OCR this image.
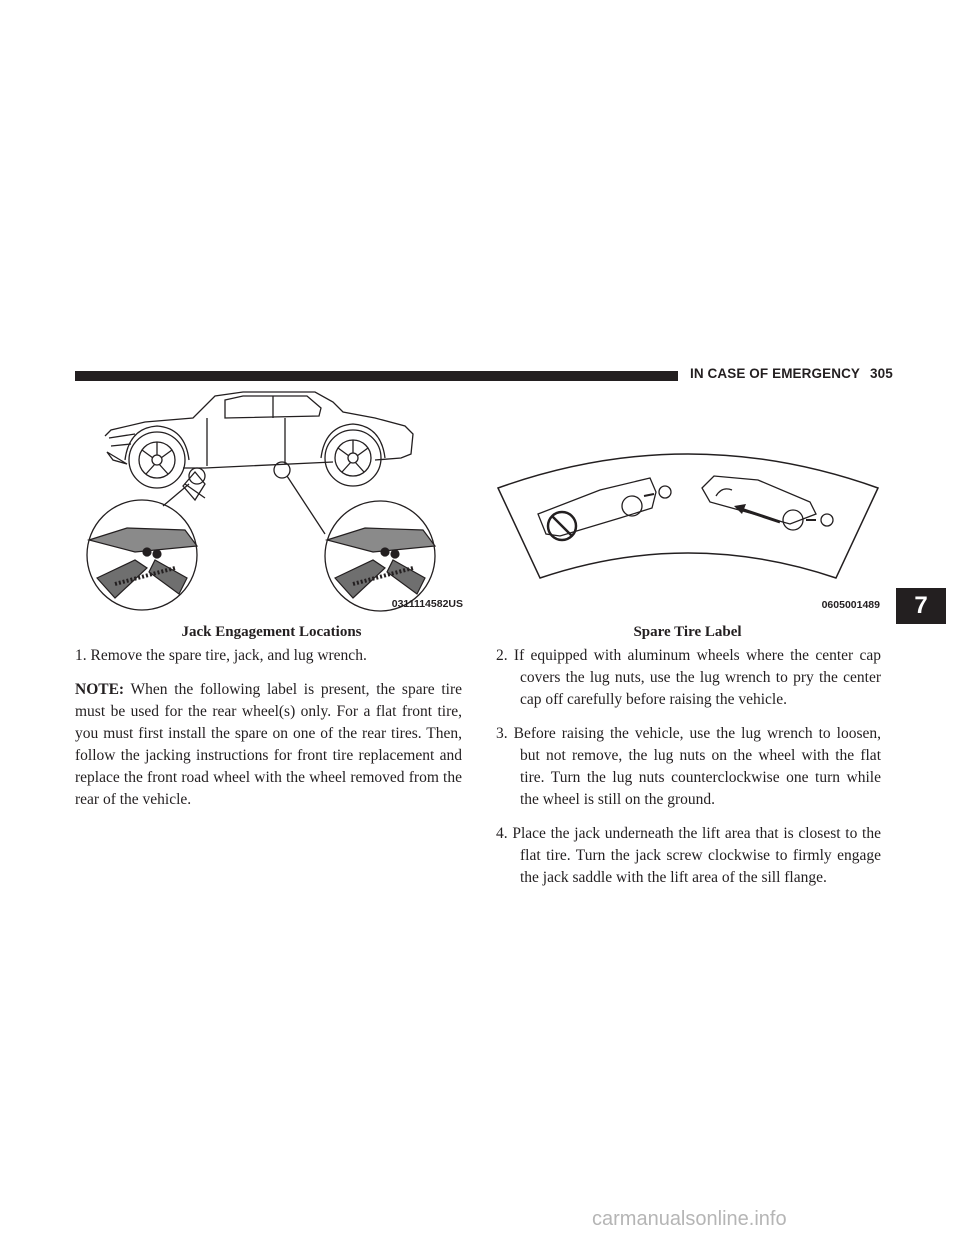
IN CASE OF EMERGENCY 305
0311114582US
Jack Engagement Locations
0605001489
Spare Tire Label

1. Remove the spare tire, jack, and lug wrench.

NOTE: When the following label is present, the spare tire must be used for the rear wheel(s) only. For a flat front tire, you must first install the spare on one of the rear tires. Then, follow the jacking instructions for front tire replacement and replace the front road wheel with the wheel removed from the rear of the vehicle.

2. If equipped with aluminum wheels where the center cap covers the lug nuts, use the lug wrench to pry the center cap off carefully before raising the vehicle.

3. Before raising the vehicle, use the lug wrench to loosen, but not remove, the lug nuts on the wheel with the flat tire. Turn the lug nuts counterclockwise one turn while the wheel is still on the ground.

4. Place the jack underneath the lift area that is closest to the flat tire. Turn the jack screw clockwise to firmly engage the jack saddle with the lift area of the sill flange.

7
carmanualsonline.info
